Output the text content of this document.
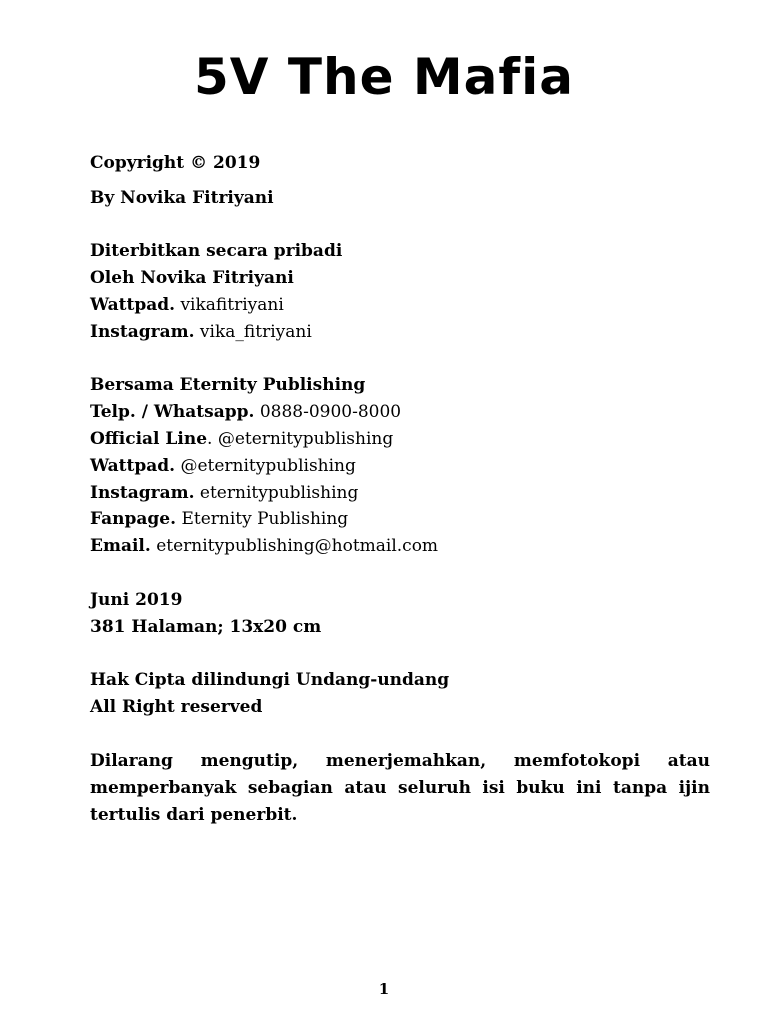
5V The Mafia
Copyright © 2019
By Novika Fitriyani
Diterbitkan secara pribadi
Oleh Novika Fitriyani
Wattpad. vikafitriyani
Instagram. vika_fitriyani
Bersama Eternity Publishing
Telp. / Whatsapp. 0888-0900-8000
Official Line. @eternitypublishing
Wattpad. @eternitypublishing
Instagram. eternitypublishing
Fanpage. Eternity Publishing
Email. eternitypublishing@hotmail.com
Juni 2019
381 Halaman; 13x20 cm
Hak Cipta dilindungi Undang-undang
All Right reserved

Dilarang mengutip, menerjemahkan, memfotokopi atau memperbanyak sebagian atau seluruh isi buku ini tanpa ijin tertulis dari penerbit.

1
